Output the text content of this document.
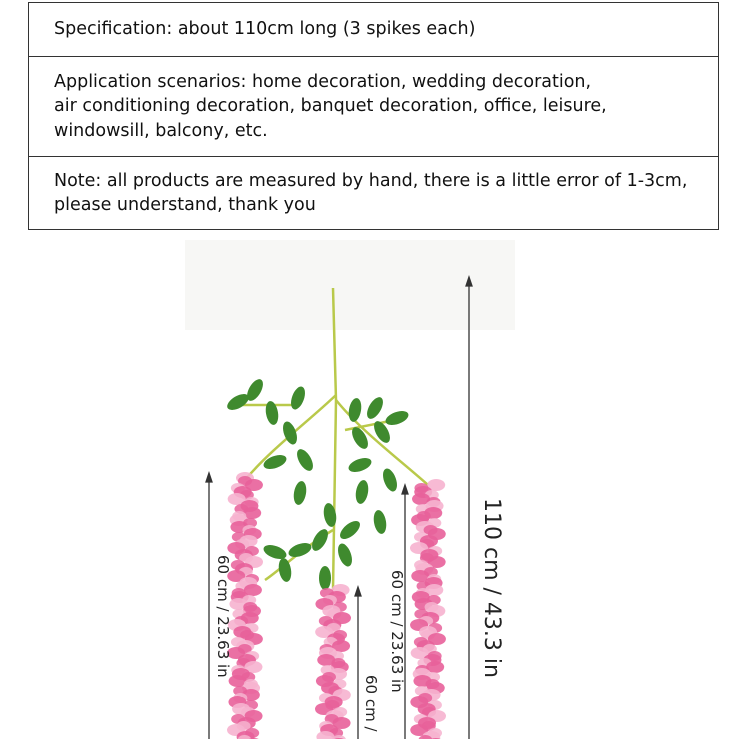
Specification: about 110cm long (3 spikes each)
Application scenarios: home decoration, wedding decoration,
air conditioning decoration, banquet decoration, office, leisure,
windowsill, balcony, etc.
Note: all products are measured by hand, there is a little error of 1-3cm,
please understand, thank you
110 cm / 43.3 in
60 cm / 23.63 in	60 cm / 23.63 in
60 cm /
